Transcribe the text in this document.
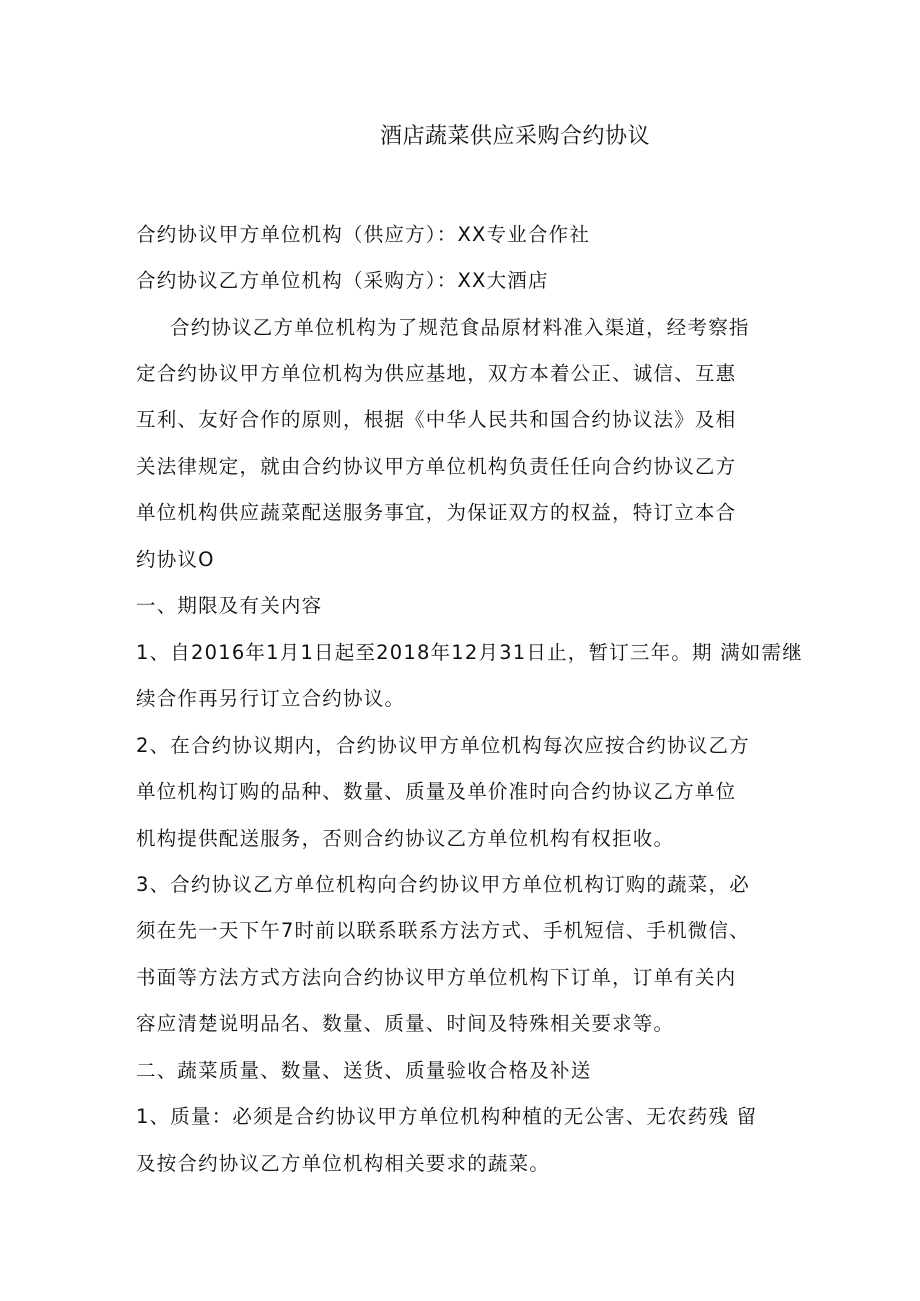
酒店蔬菜供应采购合约协议
合约协议甲方单位机构（供应方）：XX专业合作社
合约协议乙方单位机构（采购方）：XX大酒店
合约协议乙方单位机构为了规范食品原材料准入渠道，经考察指
定合约协议甲方单位机构为供应基地，双方本着公正、诚信、互惠
互利、友好合作的原则，根据《中华人民共和国合约协议法》及相
关法律规定，就由合约协议甲方单位机构负责任任向合约协议乙方
单位机构供应蔬菜配送服务事宜，为保证双方的权益，特订立本合
约协议O
一、期限及有关内容
1、自2016年1月1日起至2018年12月31日止，暂订三年。期 满如需继
续合作再另行订立合约协议。
2、在合约协议期内，合约协议甲方单位机构每次应按合约协议乙方
单位机构订购的品种、数量、质量及单价准时向合约协议乙方单位
机构提供配送服务，否则合约协议乙方单位机构有权拒收。
3、合约协议乙方单位机构向合约协议甲方单位机构订购的蔬菜，必
须在先一天下午7时前以联系联系方法方式、手机短信、手机微信、
书面等方法方式方法向合约协议甲方单位机构下订单，订单有关内
容应清楚说明品名、数量、质量、时间及特殊相关要求等。
二、蔬菜质量、数量、送货、质量验收合格及补送
1、质量：必须是合约协议甲方单位机构种植的无公害、无农药残 留
及按合约协议乙方单位机构相关要求的蔬菜。
